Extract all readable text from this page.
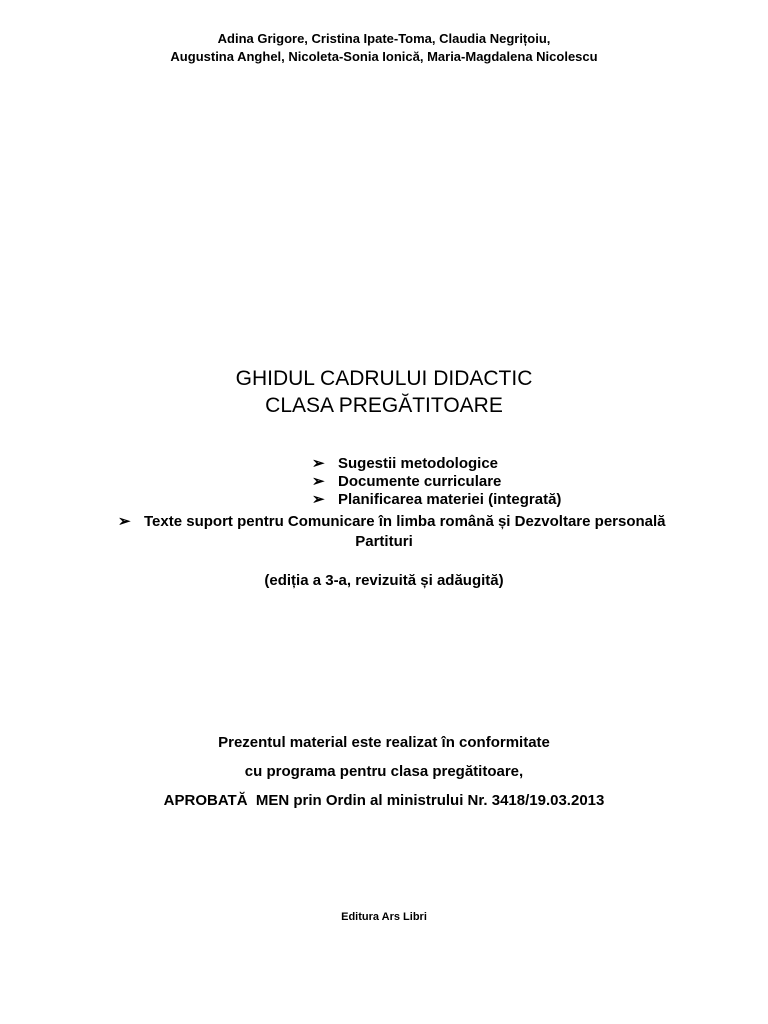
Adina Grigore, Cristina Ipate-Toma, Claudia Negrițoiu,
Augustina Anghel, Nicoleta-Sonia Ionică, Maria-Magdalena Nicolescu
GHIDUL CADRULUI DIDACTIC
CLASA PREGĂTITOARE
➢ Sugestii metodologice
➢ Documente curriculare
➢ Planificarea materiei (integrată)
➢ Texte suport pentru Comunicare în limba română și Dezvoltare personală
Partituri
(ediția a 3-a, revizuită și adăugită)
Prezentul material este realizat în conformitate
cu programa pentru clasa pregătitoare,
APROBATĂ  MEN prin Ordin al ministrului Nr. 3418/19.03.2013
Editura Ars Libri
